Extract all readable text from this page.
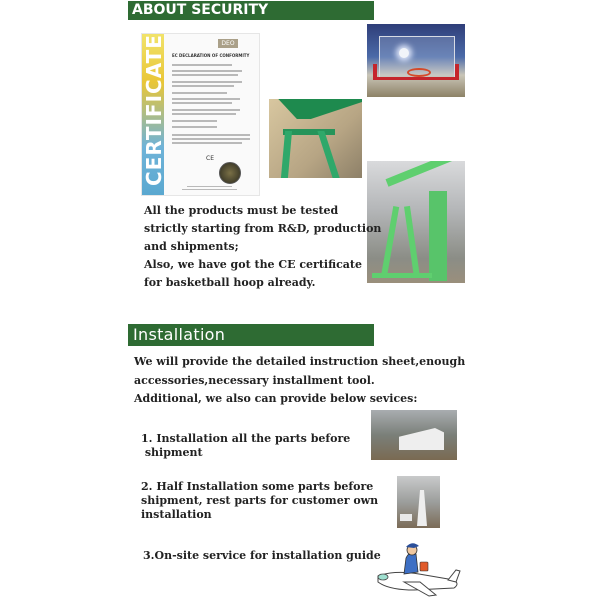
ABOUT SECURITY
CERTIFICATE	DEO
EC DECLARATION OF CONFORMITY
CE
All the products must be tested
strictly starting from R&D, production
and shipments;
Also, we have got the CE certificate
for basketball hoop already.
Installation
We will provide the detailed instruction sheet,enough
accessories,necessary installment tool.
Additional, we also can provide below sevices:
1. Installation all the parts before
shipment
2. Half Installation some parts before
shipment, rest parts for customer own
installation
3.On-site service for installation guide
